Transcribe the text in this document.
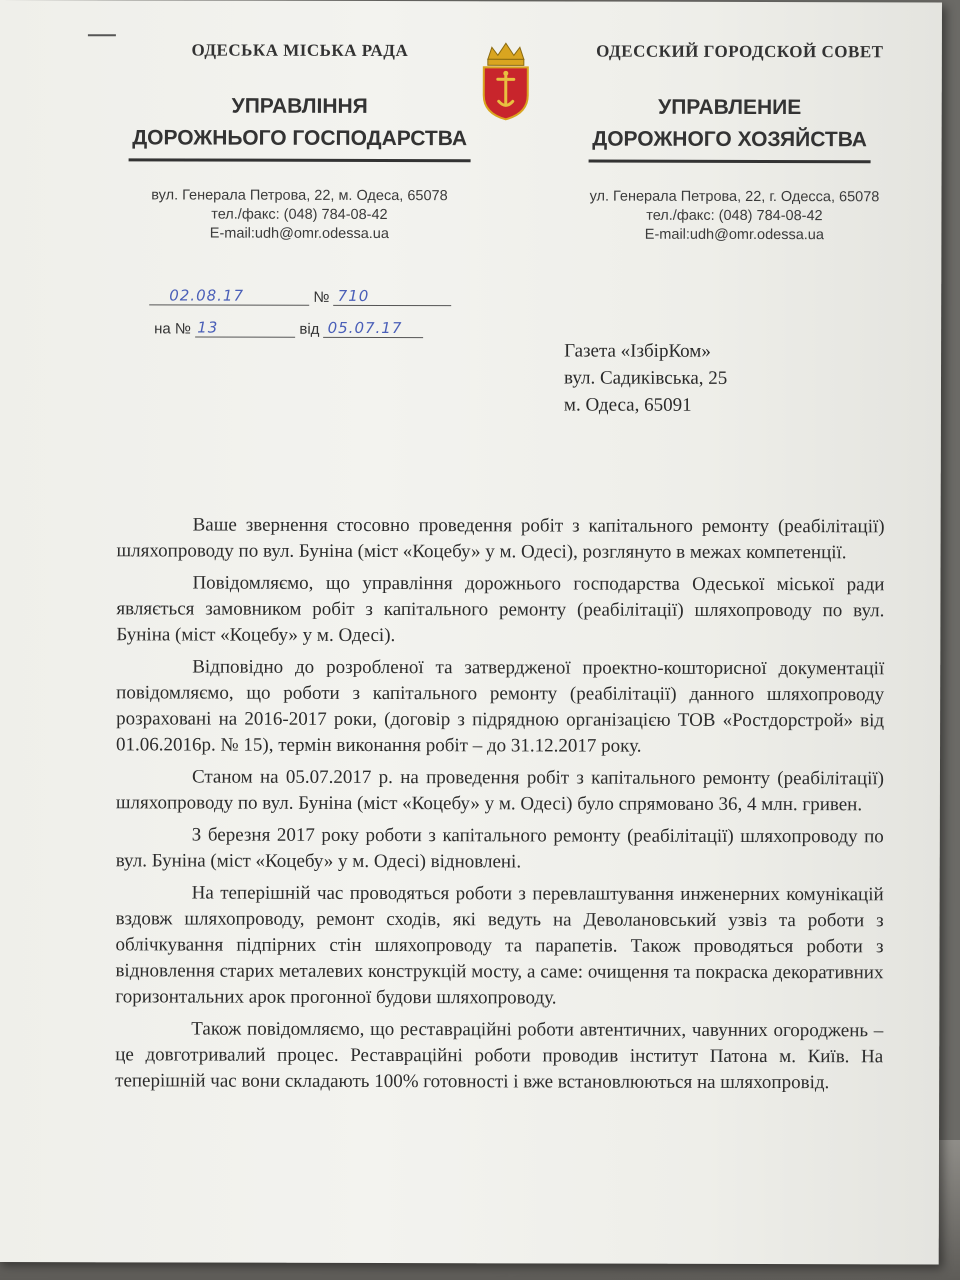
ОДЕСЬКА МІСЬКА РАДА	ОДЕССКИЙ ГОРОДСКОЙ СОВЕТ
УПРАВЛІННЯ
ДОРОЖНЬОГО ГОСПОДАРСТВА
УПРАВЛЕНИЕ
ДОРОЖНОГО ХОЗЯЙСТВА
вул. Генерала Петрова, 22, м. Одеса, 65078
тел./факс: (048) 784-08-42
E-mail:udh@omr.odessa.ua
ул. Генерала Петрова, 22, г. Одесса, 65078
тел./факс: (048) 784-08-42
E-mail:udh@omr.odessa.ua
02.08.17	№ 710
на № 13	від 05.07.17
Газета «ІзбірКом»
вул. Садиківська, 25
м. Одеса, 65091

Ваше звернення стосовно проведення робіт з капітального ремонту (реабілітації) шляхопроводу по вул. Буніна (міст «Коцебу» у м. Одесі), розглянуто в межах компетенції.

Повідомляємо, що управління дорожнього господарства Одеської міської ради являється замовником робіт з капітального ремонту (реабілітації) шляхопроводу по вул. Буніна (міст «Коцебу» у м. Одесі).

Відповідно до розробленої та затвердженої проектно-кошторисної документації повідомляємо, що роботи з капітального ремонту (реабілітації) данного шляхопроводу розраховані на 2016-2017 роки, (договір з підрядною організацією ТОВ «Ростдорстрой» від 01.06.2016р. № 15), термін виконання робіт – до 31.12.2017 року.

Станом на 05.07.2017 р. на проведення робіт з капітального ремонту (реабілітації) шляхопроводу по вул. Буніна (міст «Коцебу» у м. Одесі) було спрямовано 36, 4 млн. гривен.

З березня 2017 року роботи з капітального ремонту (реабілітації) шляхопроводу по вул. Буніна (міст «Коцебу» у м. Одесі) відновлені.

На теперішній час проводяться роботи з перевлаштування инженерних комунікацій вздовж шляхопроводу, ремонт сходів, які ведуть на Деволановський узвіз та роботи з облічкування підпірних стін шляхопроводу та парапетів. Також проводяться роботи з відновлення старих металевих конструкцій мосту, а саме: очищення та покраска декоративних горизонтальних арок прогонної будови шляхопроводу.

Також повідомляємо, що реставраційні роботи автентичних, чавунних огороджень – це довготривалий процес. Реставраційні роботи проводив інститут Патона м. Київ. На теперішній час вони складають 100% готовності і вже встановлюються на шляхопровід.
